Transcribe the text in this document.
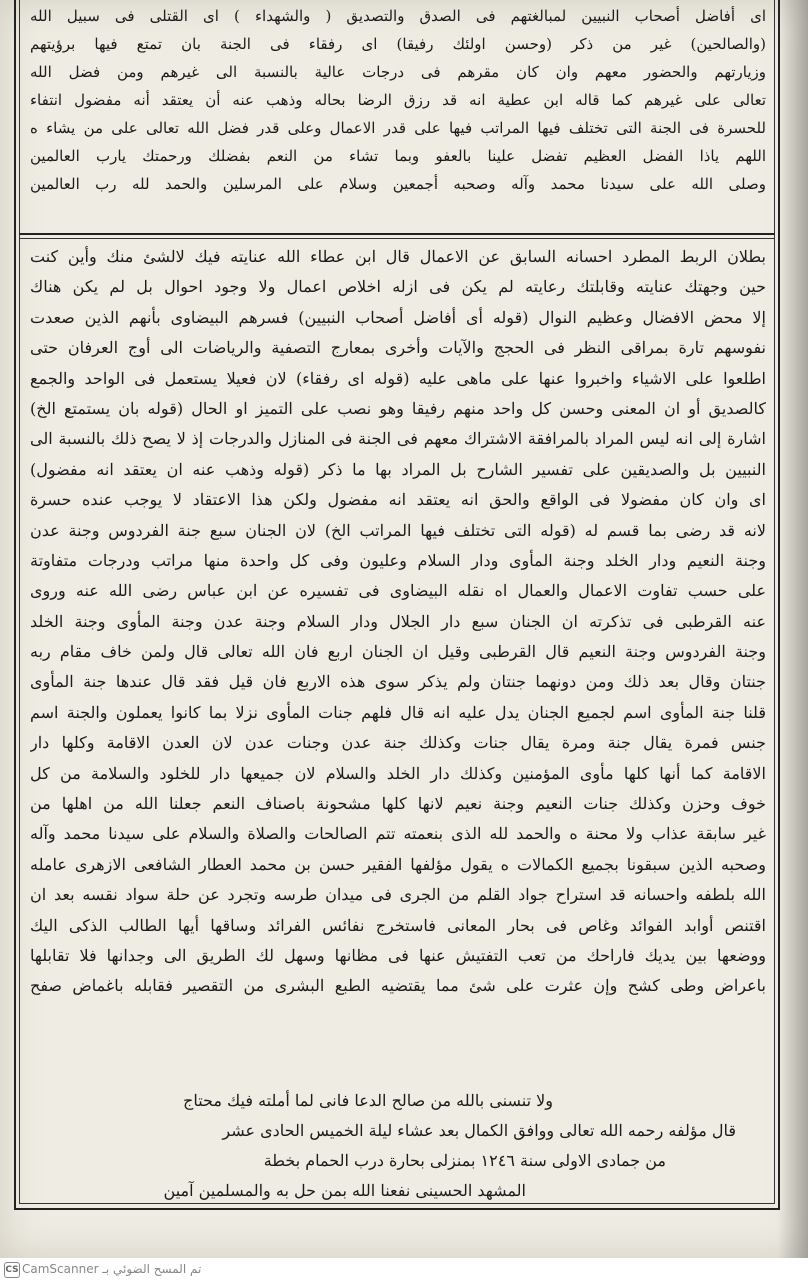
اى أفاضل أصحاب النبيين لمبالغتهم فى الصدق والتصديق ( والشهداء ) اى القتلى فى سبيل الله
(والصالحين) غير من ذكر (وحسن اولئك رفيقا) اى رفقاء فى الجنة بان تمتع فيها برؤيتهم
وزيارتهم والحضور معهم وان كان مقرهم فى درجات عالية بالنسبة الى غيرهم ومن فضل الله
تعالى على غيرهم كما قاله ابن عطية انه قد رزق الرضا بحاله وذهب عنه أن يعتقد أنه مفضول انتفاء
للحسرة فى الجنة التى تختلف فيها المراتب فيها على قدر الاعمال وعلى قدر فضل الله تعالى على من يشاء ه
اللهم ياذا الفضل العظيم تفضل علينا بالعفو وبما تشاء من النعم بفضلك ورحمتك يارب العالمين
وصلى الله على سيدنا محمد وآله وصحبه أجمعين وسلام على المرسلين والحمد لله رب العالمين
بطلان الربط المطرد احسانه السابق عن الاعمال قال ابن عطاء الله عنايته فيك لالشئ منك وأين كنت
حين وجهتك عنايته وقابلتك رعايته لم يكن فى ازله اخلاص اعمال ولا وجود احوال بل لم يكن هناك
إلا محض الافضال وعظيم النوال (قوله أى أفاضل أصحاب النبيين) فسرهم البيضاوى بأنهم الذين صعدت
نفوسهم تارة بمراقى النظر فى الحجج والآيات وأخرى بمعارج التصفية والرياضات الى أوج العرفان حتى
اطلعوا على الاشياء واخبروا عنها على ماهى عليه (قوله اى رفقاء) لان فعيلا يستعمل فى الواحد والجمع
كالصديق أو ان المعنى وحسن كل واحد منهم رفيقا وهو نصب على التميز او الحال (قوله بان يستمتع الخ)
اشارة إلى انه ليس المراد بالمرافقة الاشتراك معهم فى الجنة فى المنازل والدرجات إذ لا يصح ذلك بالنسبة الى
النبيين بل والصديقين على تفسير الشارح بل المراد بها ما ذكر (قوله وذهب عنه ان يعتقد انه مفضول)
اى وان كان مفضولا فى الواقع والحق انه يعتقد انه مفضول ولكن هذا الاعتقاد لا يوجب عنده حسرة
لانه قد رضى بما قسم له (قوله التى تختلف فيها المراتب الخ) لان الجنان سبع جنة الفردوس وجنة عدن
وجنة النعيم ودار الخلد وجنة المأوى ودار السلام وعليون وفى كل واحدة منها مراتب ودرجات متفاوتة
على حسب تفاوت الاعمال والعمال اه نقله البيضاوى فى تفسيره عن ابن عباس رضى الله عنه وروى
عنه القرطبى فى تذكرته ان الجنان سبع دار الجلال ودار السلام وجنة عدن وجنة المأوى وجنة الخلد
وجنة الفردوس وجنة النعيم قال القرطبى وقيل ان الجنان اربع فان الله تعالى قال ولمن خاف مقام ربه
جنتان وقال بعد ذلك ومن دونهما جنتان ولم يذكر سوى هذه الاربع فان قيل فقد قال عندها جنة المأوى
قلنا جنة المأوى اسم لجميع الجنان يدل عليه انه قال فلهم جنات المأوى نزلا بما كانوا يعملون والجنة اسم
جنس فمرة يقال جنة ومرة يقال جنات وكذلك جنة عدن وجنات عدن لان العدن الاقامة وكلها دار
الاقامة كما أنها كلها مأوى المؤمنين وكذلك دار الخلد والسلام لان جميعها دار للخلود والسلامة من كل
خوف وحزن وكذلك جنات النعيم وجنة نعيم لانها كلها مشحونة باصناف النعم جعلنا الله من اهلها من
غير سابقة عذاب ولا محنة ه والحمد لله الذى بنعمته تتم الصالحات والصلاة والسلام على سيدنا محمد وآله
وصحبه الذين سبقونا بجميع الكمالات ه يقول مؤلفها الفقير حسن بن محمد العطار الشافعى الازهرى عامله
الله بلطفه واحسانه قد استراح جواد القلم من الجرى فى ميدان طرسه وتجرد عن حلة سواد نقسه بعد ان
اقتنص أوابد الفوائد وغاص فى بحار المعانى فاستخرج نفائس الفرائد وساقها أيها الطالب الذكى اليك
ووضعها بين يديك فاراحك من تعب التفتيش عنها فى مظانها وسهل لك الطريق الى وجدانها فلا تقابلها
باعراض وطى كشح وإن عثرت على شئ مما يقتضيه الطبع البشرى من التقصير فقابله باغماض صفح
ولا تنسنى بالله من صالح الدعا فانى لما أملته فيك محتاج
قال مؤلفه رحمه الله تعالى ووافق الكمال بعد عشاء ليلة الخميس الحادى عشر
من جمادى الاولى سنة ١٢٤٦ بمنزلى بحارة درب الحمام بخطة
المشهد الحسينى نفعنا الله بمن حل به والمسلمين آمين
CS تم المسح الضوئي بـ CamScanner
